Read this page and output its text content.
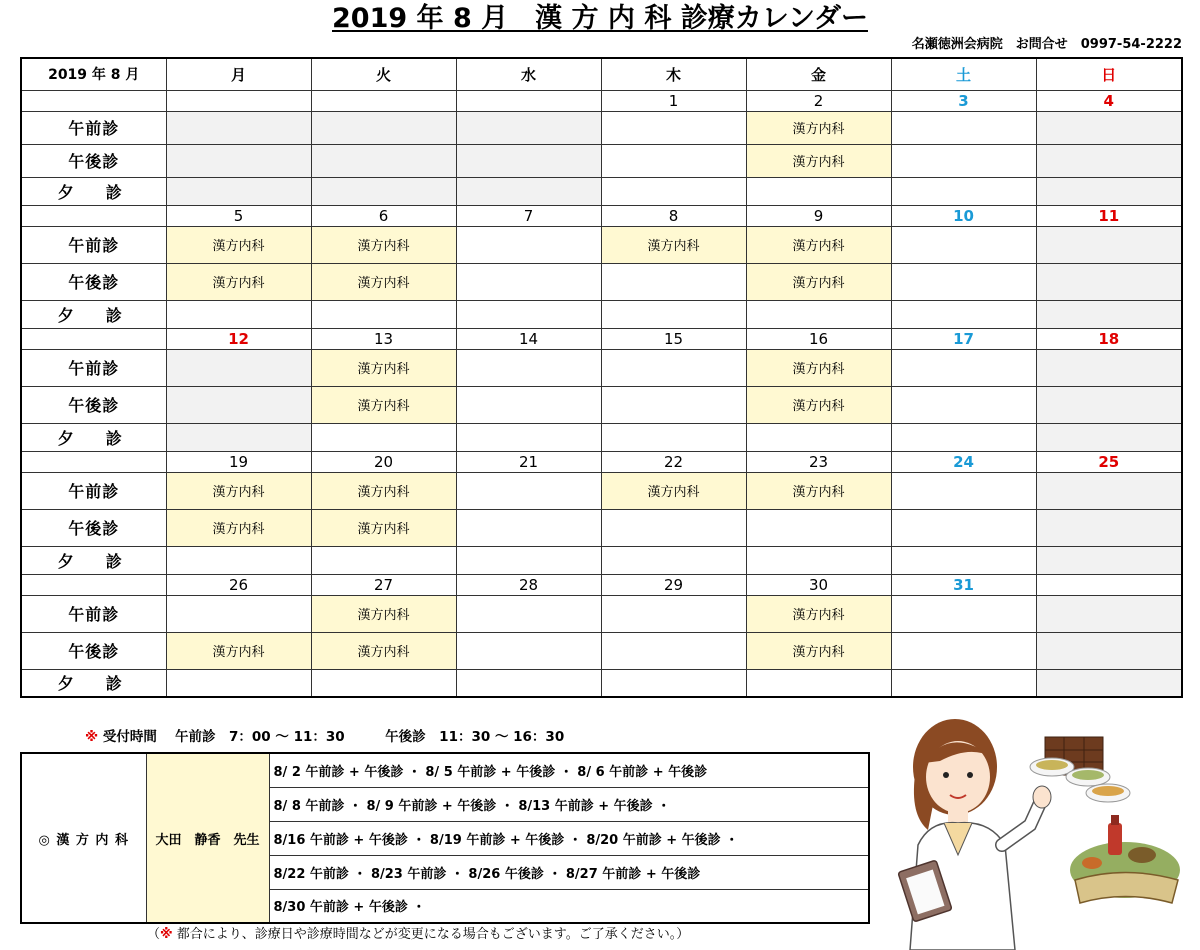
2019 年 8 月　漢 方 内 科 診療カレンダー
名瀬徳洲会病院　お問合せ　0997-54-2222
2019 年 8 月	月	火	水	木	金	土	日
				1	2	3	4
午前診					漢方内科		
午後診					漢方内科		
夕　診							
	5	6	7	8	9	10	11
午前診	漢方内科	漢方内科		漢方内科	漢方内科		
午後診	漢方内科	漢方内科			漢方内科		
夕　診							
	12	13	14	15	16	17	18
午前診		漢方内科			漢方内科		
午後診		漢方内科			漢方内科		
夕　診							
	19	20	21	22	23	24	25
午前診	漢方内科	漢方内科		漢方内科	漢方内科		
午後診	漢方内科	漢方内科					
夕　診							
	26	27	28	29	30	31	
午前診		漢方内科			漢方内科		
午後診	漢方内科	漢方内科			漢方内科		
夕　診							
※ 受付時間　 午前診　7：00 〜 11：30　　　午後診　11：30 〜 16：30
◎ 漢 方 内 科	大田　静香　先生	8/ 2 午前診 + 午後診 ・ 8/ 5 午前診 + 午後診 ・ 8/ 6 午前診 + 午後診
8/ 8 午前診 ・ 8/ 9 午前診 + 午後診 ・ 8/13 午前診 + 午後診 ・
8/16 午前診 + 午後診 ・ 8/19 午前診 + 午後診 ・ 8/20 午前診 + 午後診 ・
8/22 午前診 ・ 8/23 午前診 ・ 8/26 午後診 ・ 8/27 午前診 + 午後診
8/30 午前診 + 午後診 ・
（※ 都合により、診療日や診療時間などが変更になる場合もございます。ご了承ください。）
